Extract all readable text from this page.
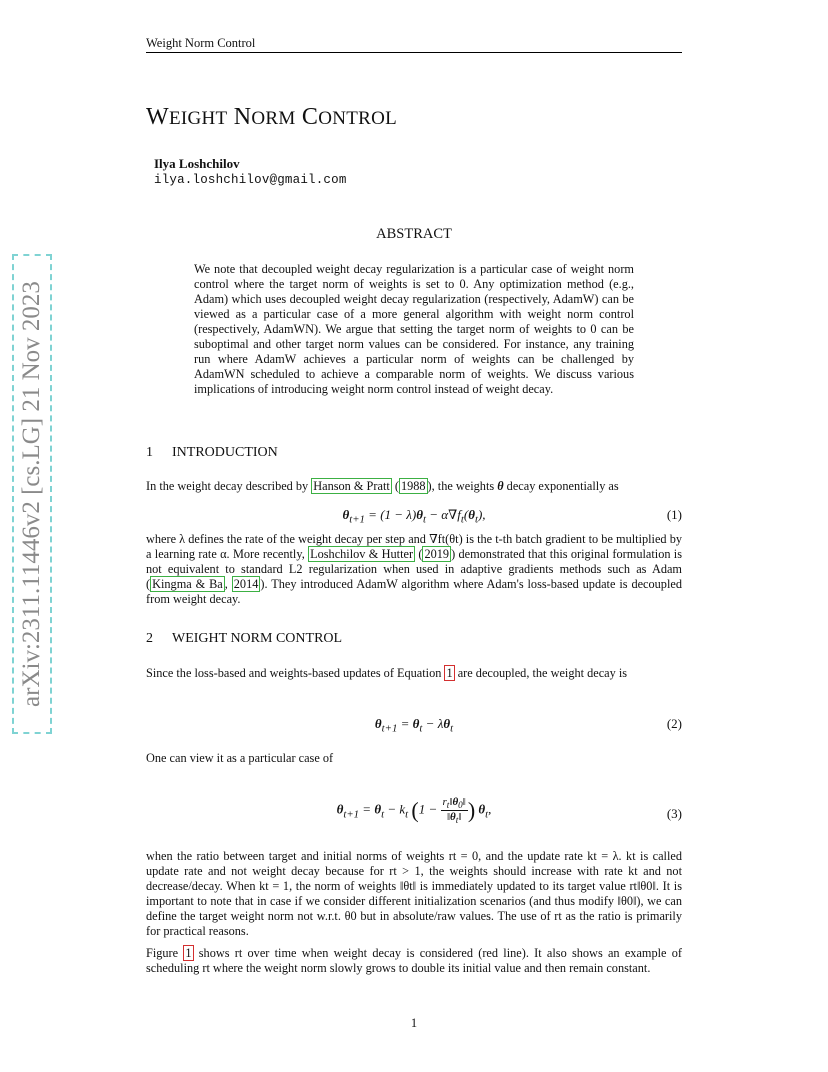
Weight Norm Control
WEIGHT NORM CONTROL
Ilya Loshchilov
ilya.loshchilov@gmail.com
arXiv:2311.11446v2 [cs.LG] 21 Nov 2023
ABSTRACT
We note that decoupled weight decay regularization is a particular case of weight norm control where the target norm of weights is set to 0. Any optimization method (e.g., Adam) which uses decoupled weight decay regularization (respectively, AdamW) can be viewed as a particular case of a more general algorithm with weight norm control (respectively, AdamWN). We argue that setting the target norm of weights to 0 can be suboptimal and other target norm values can be considered. For instance, any training run where AdamW achieves a particular norm of weights can be challenged by AdamWN scheduled to achieve a comparable norm of weights. We discuss various implications of introducing weight norm control instead of weight decay.
1 INTRODUCTION
In the weight decay described by Hanson & Pratt ( 1988 ), the weights θ decay exponentially as
$\theta_{t+1} = (1 - \lambda)\theta_t - \alpha\nabla f_t(\theta_t)$,	(1)
where λ defines the rate of the weight decay per step and ∇ft(θt) is the t-th batch gradient to be multiplied by a learning rate α. More recently, Loshchilov & Hutter ( 2019 ) demonstrated that this original formulation is not equivalent to standard L2 regularization when used in adaptive gradients methods such as Adam ( Kingma & Ba , 2014 ). They introduced AdamW algorithm where Adam's loss-based update is decoupled from weight decay.
2 WEIGHT NORM CONTROL
Since the loss-based and weights-based updates of Equation 1 are decoupled, the weight decay is
$\theta_{t+1} = \theta_t - \lambda\theta_t$	(2)
One can view it as a particular case of
$\theta_{t+1} = \theta_t - k_t$ ($1 - \frac{r_t‖\theta_0‖}{‖\theta_t‖}$ ) $\theta_t$,	(3)
when the ratio between target and initial norms of weights rt = 0, and the update rate kt = λ. kt is called update rate and not weight decay because for rt > 1, the weights should increase with rate kt and not decrease/decay. When kt = 1, the norm of weights ‖θt‖ is immediately updated to its target value rt‖θ0‖. It is important to note that in case if we consider different initialization scenarios (and thus modify ‖θ0‖), we can define the target weight norm not w.r.t. θ0 but in absolute/raw values. The use of rt as the ratio is primarily for practical reasons.
Figure 1 shows rt over time when weight decay is considered (red line). It also shows an example of scheduling rt where the weight norm slowly grows to double its initial value and then remain constant.
1
